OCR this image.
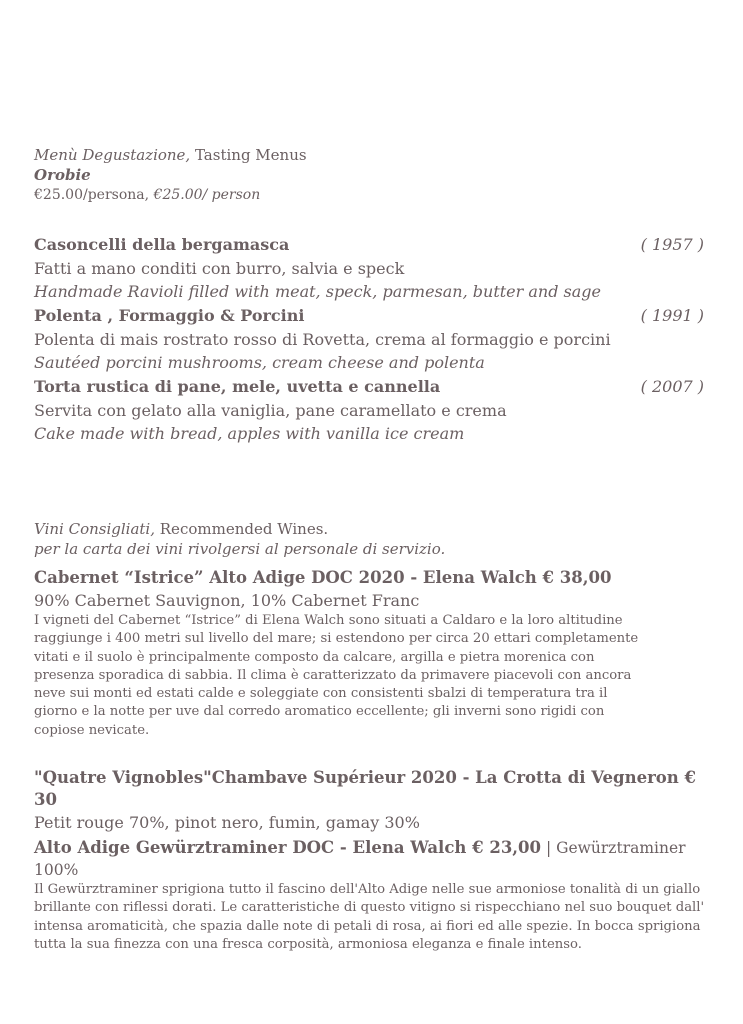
Menù Degustazione, Tasting Menus
Orobie
€25.00/persona, €25.00/ person
Casoncelli della bergamasca	( 1957 )
Fatti a mano conditi con burro, salvia e speck
Handmade Ravioli filled with meat, speck, parmesan, butter and sage
Polenta , Formaggio & Porcini	( 1991 )
Polenta di mais rostrato rosso di Rovetta, crema al formaggio e porcini
Sautéed porcini mushrooms, cream cheese and polenta
Torta rustica di pane, mele, uvetta e cannella	( 2007 )
Servita con gelato alla vaniglia, pane caramellato e crema
Cake made with bread, apples with vanilla ice cream
Vini Consigliati, Recommended Wines.
per la carta dei vini rivolgersi al personale di servizio.
Cabernet “Istrice” Alto Adige DOC 2020 - Elena Walch € 38,00
90% Cabernet Sauvignon, 10% Cabernet Franc
I vigneti del Cabernet “Istrice” di Elena Walch sono situati a Caldaro e la loro altitudine
raggiunge i 400 metri sul livello del mare; si estendono per circa 20 ettari completamente
vitati e il suolo è principalmente composto da calcare, argilla e pietra morenica con
presenza sporadica di sabbia. Il clima è caratterizzato da primavere piacevoli con ancora
neve sui monti ed estati calde e soleggiate con consistenti sbalzi di temperatura tra il
giorno e la notte per uve dal corredo aromatico eccellente; gli inverni sono rigidi con
copiose nevicate.
"Quatre Vignobles"Chambave Supérieur 2020 - La Crotta di Vegneron € 30
Petit rouge 70%, pinot nero, fumin, gamay 30%
Alto Adige Gewürztraminer DOC - Elena Walch € 23,00 | Gewürztraminer 100%
Il Gewürztraminer sprigiona tutto il fascino dell'Alto Adige nelle sue armoniose tonalità di un giallo
brillante con riflessi dorati. Le caratteristiche di questo vitigno si rispecchiano nel suo bouquet dall'
intensa aromaticità, che spazia dalle note di petali di rosa, ai fiori ed alle spezie. In bocca sprigiona
tutta la sua finezza con una fresca corposità, armoniosa eleganza e finale intenso.
